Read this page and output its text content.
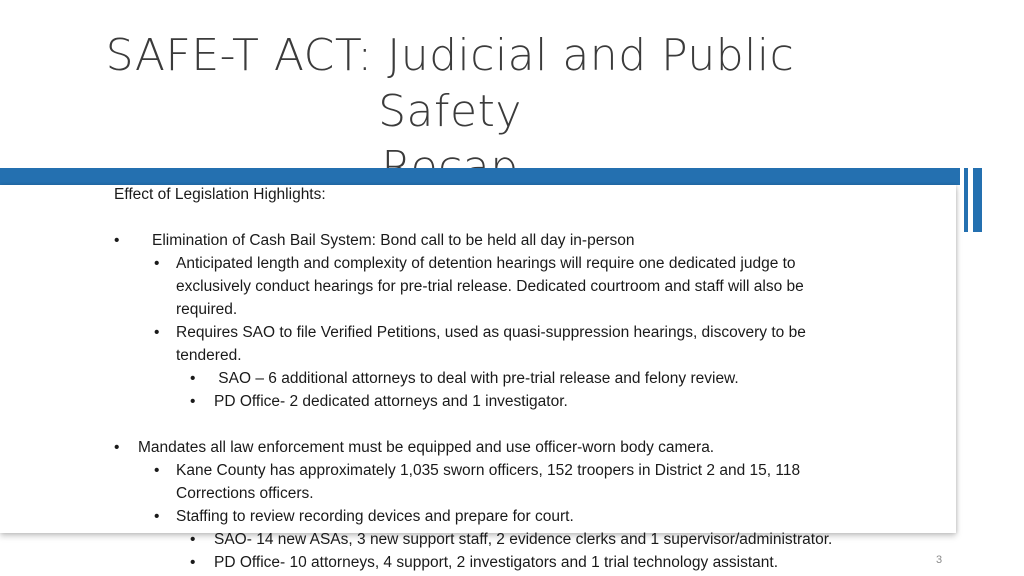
SAFE-T ACT: Judicial and Public Safety
Effect of Legislation Highlights:
• Elimination of Cash Bail System: Bond call to be held all day in-person
• Anticipated length and complexity of detention hearings will require one dedicated judge to
exclusively conduct hearings for pre-trial release. Dedicated courtroom and staff will also be
required.
• Requires SAO to file Verified Petitions, used as quasi-suppression hearings, discovery to be
tendered.
• SAO – 6 additional attorneys to deal with pre-trial release and felony review.
• PD Office- 2 dedicated attorneys and 1 investigator.
• Mandates all law enforcement must be equipped and use officer-worn body camera.
• Kane County has approximately 1,035 sworn officers, 152 troopers in District 2 and 15, 118
Corrections officers.
• Staffing to review recording devices and prepare for court.
• SAO- 14 new ASAs, 3 new support staff, 2 evidence clerks and 1 supervisor/administrator.
• PD Office- 10 attorneys, 4 support, 2 investigators and 1 trial technology assistant.	3
